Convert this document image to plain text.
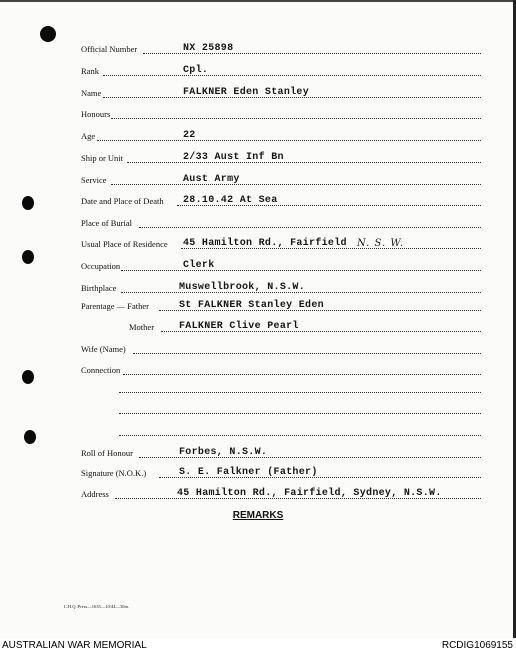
Official Number	NX 25898
Rank	Cpl.
Name	FALKNER Eden Stanley
Honours
Age	22
Ship or Unit	2/33 Aust Inf Bn
Service	Aust Army
Date and Place of Death 28.10.42 At Sea
Place of Burial
Usual Place of Residence 45 Hamilton Rd., Fairfield N. S. W.
Occupation	Clerk
Birthplace	Muswellbrook, N.S.W.
Parentage — Father	St FALKNER Stanley Eden
Mother FALKNER Clive Pearl
Wife (Name)
Connection
Roll of Honour	Forbes, N.S.W.
Signature (N.O.K.)	S. E. Falkner (Father)
Address	45 Hamilton Rd., Fairfield, Sydney, N.S.W.
REMARKS
L.H.Q. Press—1635—10/44—30m.
AUSTRALIAN WAR MEMORIAL	RCDIG1069155
